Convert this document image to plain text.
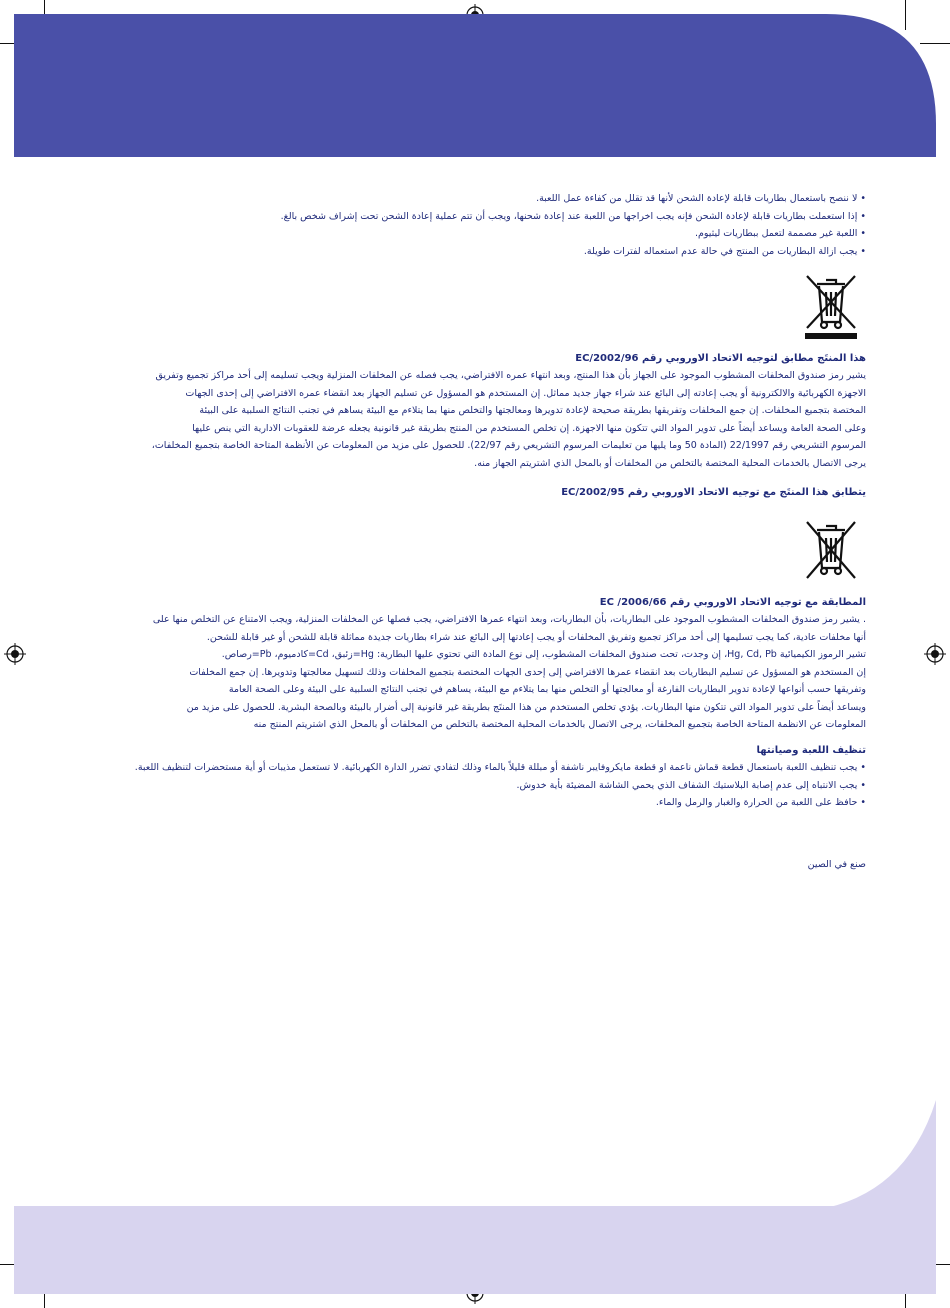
• لا ننصح باستعمال بطاريات قابلة لإعادة الشحن لأنها قد تقلل من كفاءة عمل اللعبة.
• إذا استعملت بطاريات قابلة لإعادة الشحن فإنه يجب اخراجها من اللعبة عند إعادة شحنها، ويجب أن تتم عملية إعادة الشحن تحت إشراف شخص بالغ.
• اللعبة غير مصممة لتعمل ببطاريات ليثيوم.
• يجب ازالة البطاريات من المنتج في حالة عدم استعماله لفترات طويلة.
هذا المنتَج مطابق لتوجيه الاتحاد الاوروبي رقم EC/2002/96

يشير رمز صندوق المخلفات المشطوب الموجود على الجهاز بأن هذا المنتج، وبعد انتهاء عمره الافتراضي، يجب فصله عن المخلفات المنزلية ويجب تسليمه إلى أحد مراكز تجميع وتفريق

الاجهزة الكهربائية والالكترونية أو يجب إعادته إلى البائع عند شراء جهاز جديد مماثل. إن المستخدم هو المسؤول عن تسليم الجهاز بعد انقضاء عمره الافتراضي إلى إحدى الجهات

المختصة بتجميع المخلفات. إن جمع المخلفات وتفريقها بطريقة صحيحة لإعادة تدويرها ومعالجتها والتخلص منها بما يتلاءم مع البيئة يساهم في تجنب النتائج السلبية على البيئة

وعلى الصحة العامة ويساعد أيضاً على تدوير المواد التي تتكون منها الاجهزة. إن تخلص المستخدم من المنتج بطريقة غير قانونية يجعله عرضة للعقوبات الادارية التي ينص عليها

المرسوم التشريعي رقم 22/1997 (المادة 50 وما يليها من تعليمات المرسوم التشريعي رقم 22/97). للحصول على مزيد من المعلومات عن الأنظمة المتاحة الخاصة بتجميع المخلفات،

يرجى الاتصال بالخدمات المحلية المختصة بالتخلص من المخلفات أو بالمحل الذي اشتريتم الجهاز منه.

يتطابق هذا المنتَج مع توجيه الاتحاد الاوروبي رقم EC/2002/95
المطابقة مع توجيه الاتحاد الاوروبي رقم EC /2006/66

. يشير رمز صندوق المخلفات المشطوب الموجود على البطاريات، بأن البطاريات، وبعد انتهاء عمرها الافتراضي، يجب فصلها عن المخلفات المنزلية، ويجب الامتناع عن التخلص منها على

أنها مخلفات عادية، كما يجب تسليمها إلى أحد مراكز تجميع وتفريق المخلفات أو يجب إعادتها إلى البائع عند شراء بطاريات جديدة مماثلة قابلة للشحن أو غير قابلة للشحن.

تشير الرموز الكيميائية Hg, Cd, Pb، إن وجدت، تحت صندوق المخلفات المشطوب، إلى نوع المادة التي تحتوي عليها البطارية: Hg=زئبق، Cd=كادميوم، Pb=رصاص.

إن المستخدم هو المسؤول عن تسليم البطاريات بعد انقضاء عمرها الافتراضي إلى إحدى الجهات المختصة بتجميع المخلفات وذلك لتسهيل معالجتها وتدويرها. إن جمع المخلفات

وتفريقها حسب أنواعها لإعادة تدوير البطاريات الفارغة أو معالجتها أو التخلص منها بما يتلاءم مع البيئة، يساهم في تجنب النتائج السلبية على البيئة وعلى الصحة العامة

ويساعد أيضاً على تدوير المواد التي تتكون منها البطاريات. يؤدي تخلص المستخدم من هذا المنتَج بطريقة غير قانونية إلى أضرار بالبيئة وبالصحة البشرية. للحصول على مزيد من

المعلومات عن الانظمة المتاحة الخاصة بتجميع المخلفات، يرجى الاتصال بالخدمات المحلية المختصة بالتخلص من المخلفات أو بالمحل الذي اشتريتم المنتج منه

تنظيف اللعبة وصيانتها
• يجب تنظيف اللعبة باستعمال قطعة قماش ناعمة او قطعة مايكروفايبر ناشفة أو مبللة قليلاً بالماء وذلك لتفادي تضرر الدارة الكهربائية. لا تستعمل مذيبات أو أية مستحضرات لتنظيف اللعبة.
• يجب الانتباه إلى عدم إصابة البلاستيك الشفاف الذي يحمي الشاشة المضيئة بأية خدوش.
• حافظ على اللعبة من الحرارة والغبار والرمل والماء.

صنع في الصين
